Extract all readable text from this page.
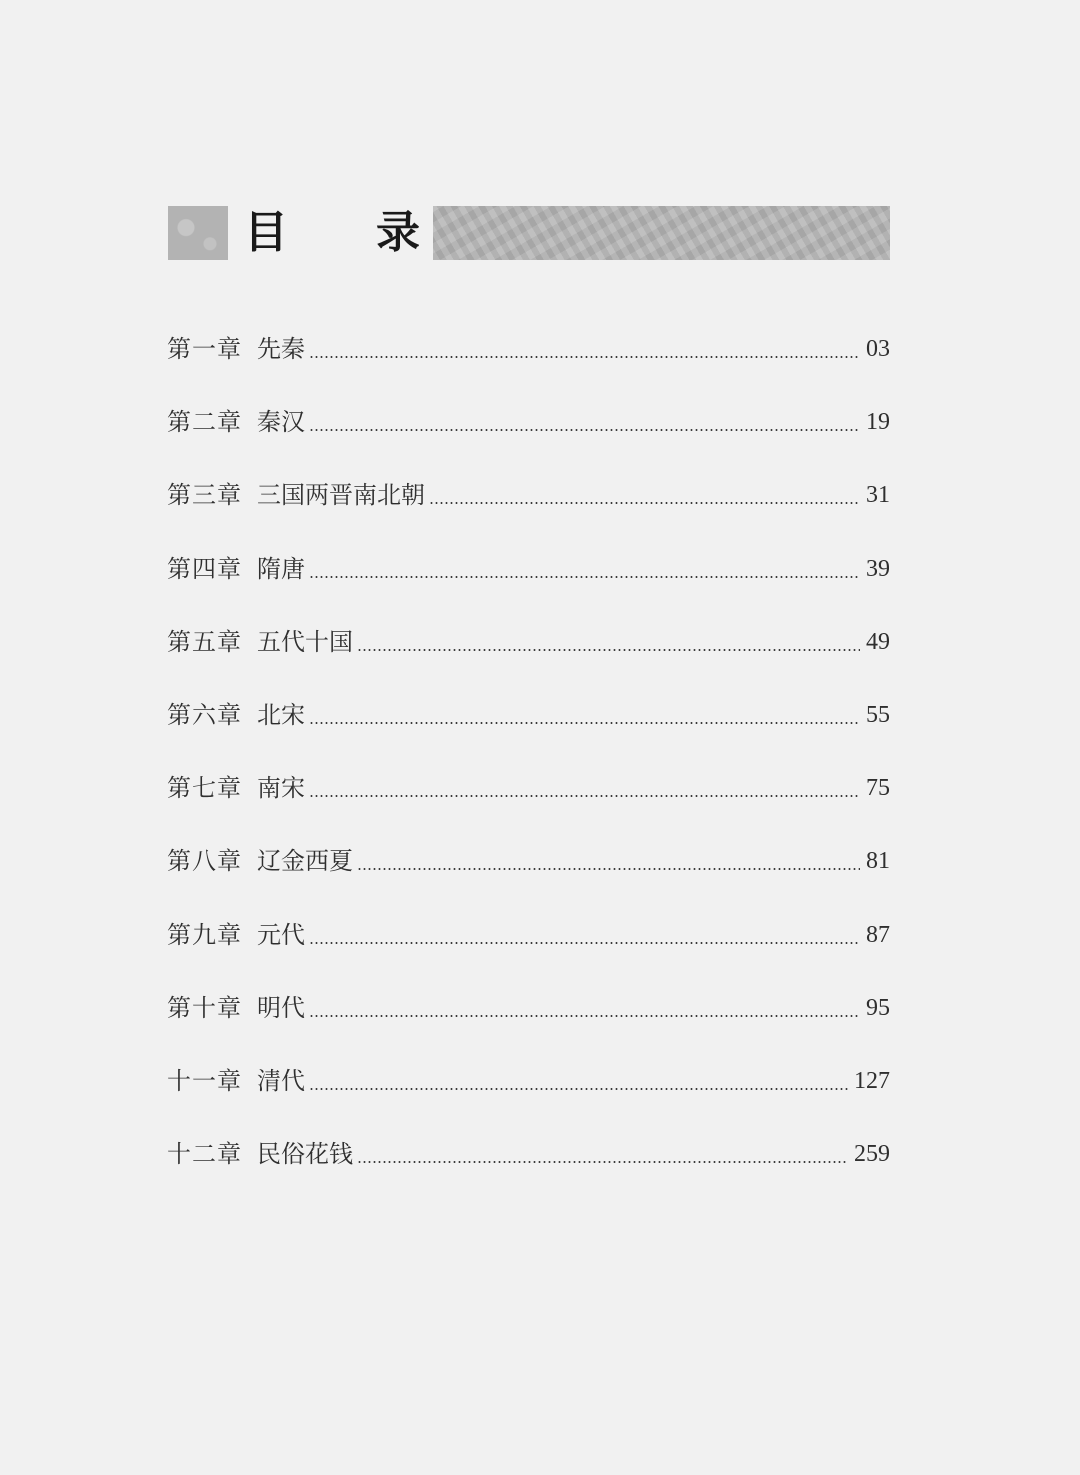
目 录
第一章 先秦	03
第二章 秦汉	19
第三章 三国两晋南北朝	31
第四章 隋唐	39
第五章 五代十国	49
第六章 北宋	55
第七章 南宋	75
第八章 辽金西夏	81
第九章 元代	87
第十章 明代	95
十一章 清代	127
十二章 民俗花钱	259
